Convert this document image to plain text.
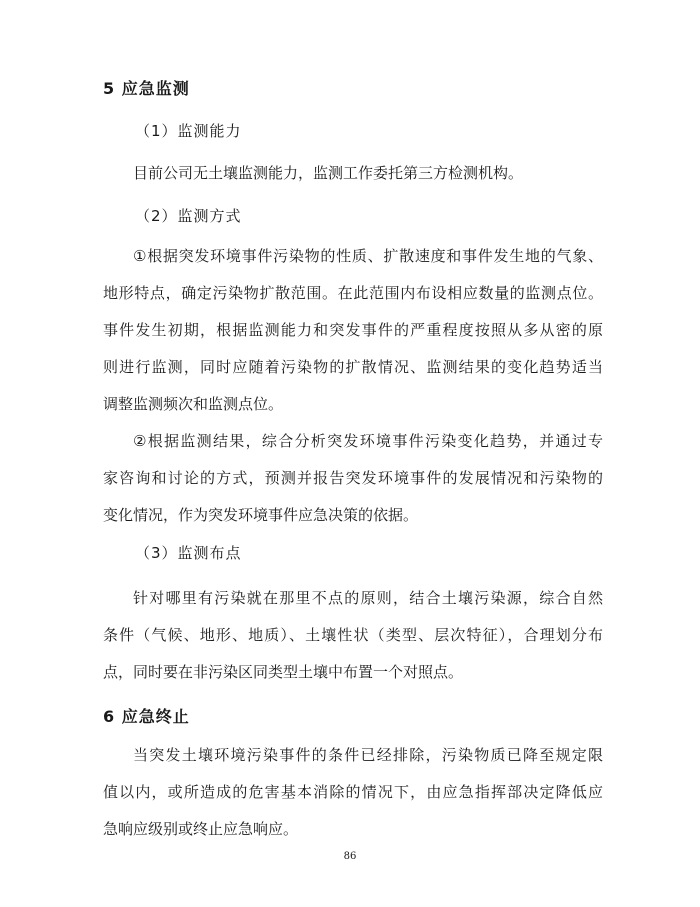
5 应急监测
（1）监测能力
目前公司无土壤监测能力，监测工作委托第三方检测机构。
（2）监测方式
①根据突发环境事件污染物的性质、扩散速度和事件发生地的气象、
地形特点，确定污染物扩散范围。在此范围内布设相应数量的监测点位。
事件发生初期，根据监测能力和突发事件的严重程度按照从多从密的原
则进行监测，同时应随着污染物的扩散情况、监测结果的变化趋势适当
调整监测频次和监测点位。
②根据监测结果，综合分析突发环境事件污染变化趋势，并通过专
家咨询和讨论的方式，预测并报告突发环境事件的发展情况和污染物的
变化情况，作为突发环境事件应急决策的依据。
（3）监测布点
针对哪里有污染就在那里不点的原则，结合土壤污染源，综合自然
条件（气候、地形、地质）、土壤性状（类型、层次特征），合理划分布
点，同时要在非污染区同类型土壤中布置一个对照点。
6 应急终止
当突发土壤环境污染事件的条件已经排除，污染物质已降至规定限
值以内，或所造成的危害基本消除的情况下，由应急指挥部决定降低应
急响应级别或终止应急响应。
86
